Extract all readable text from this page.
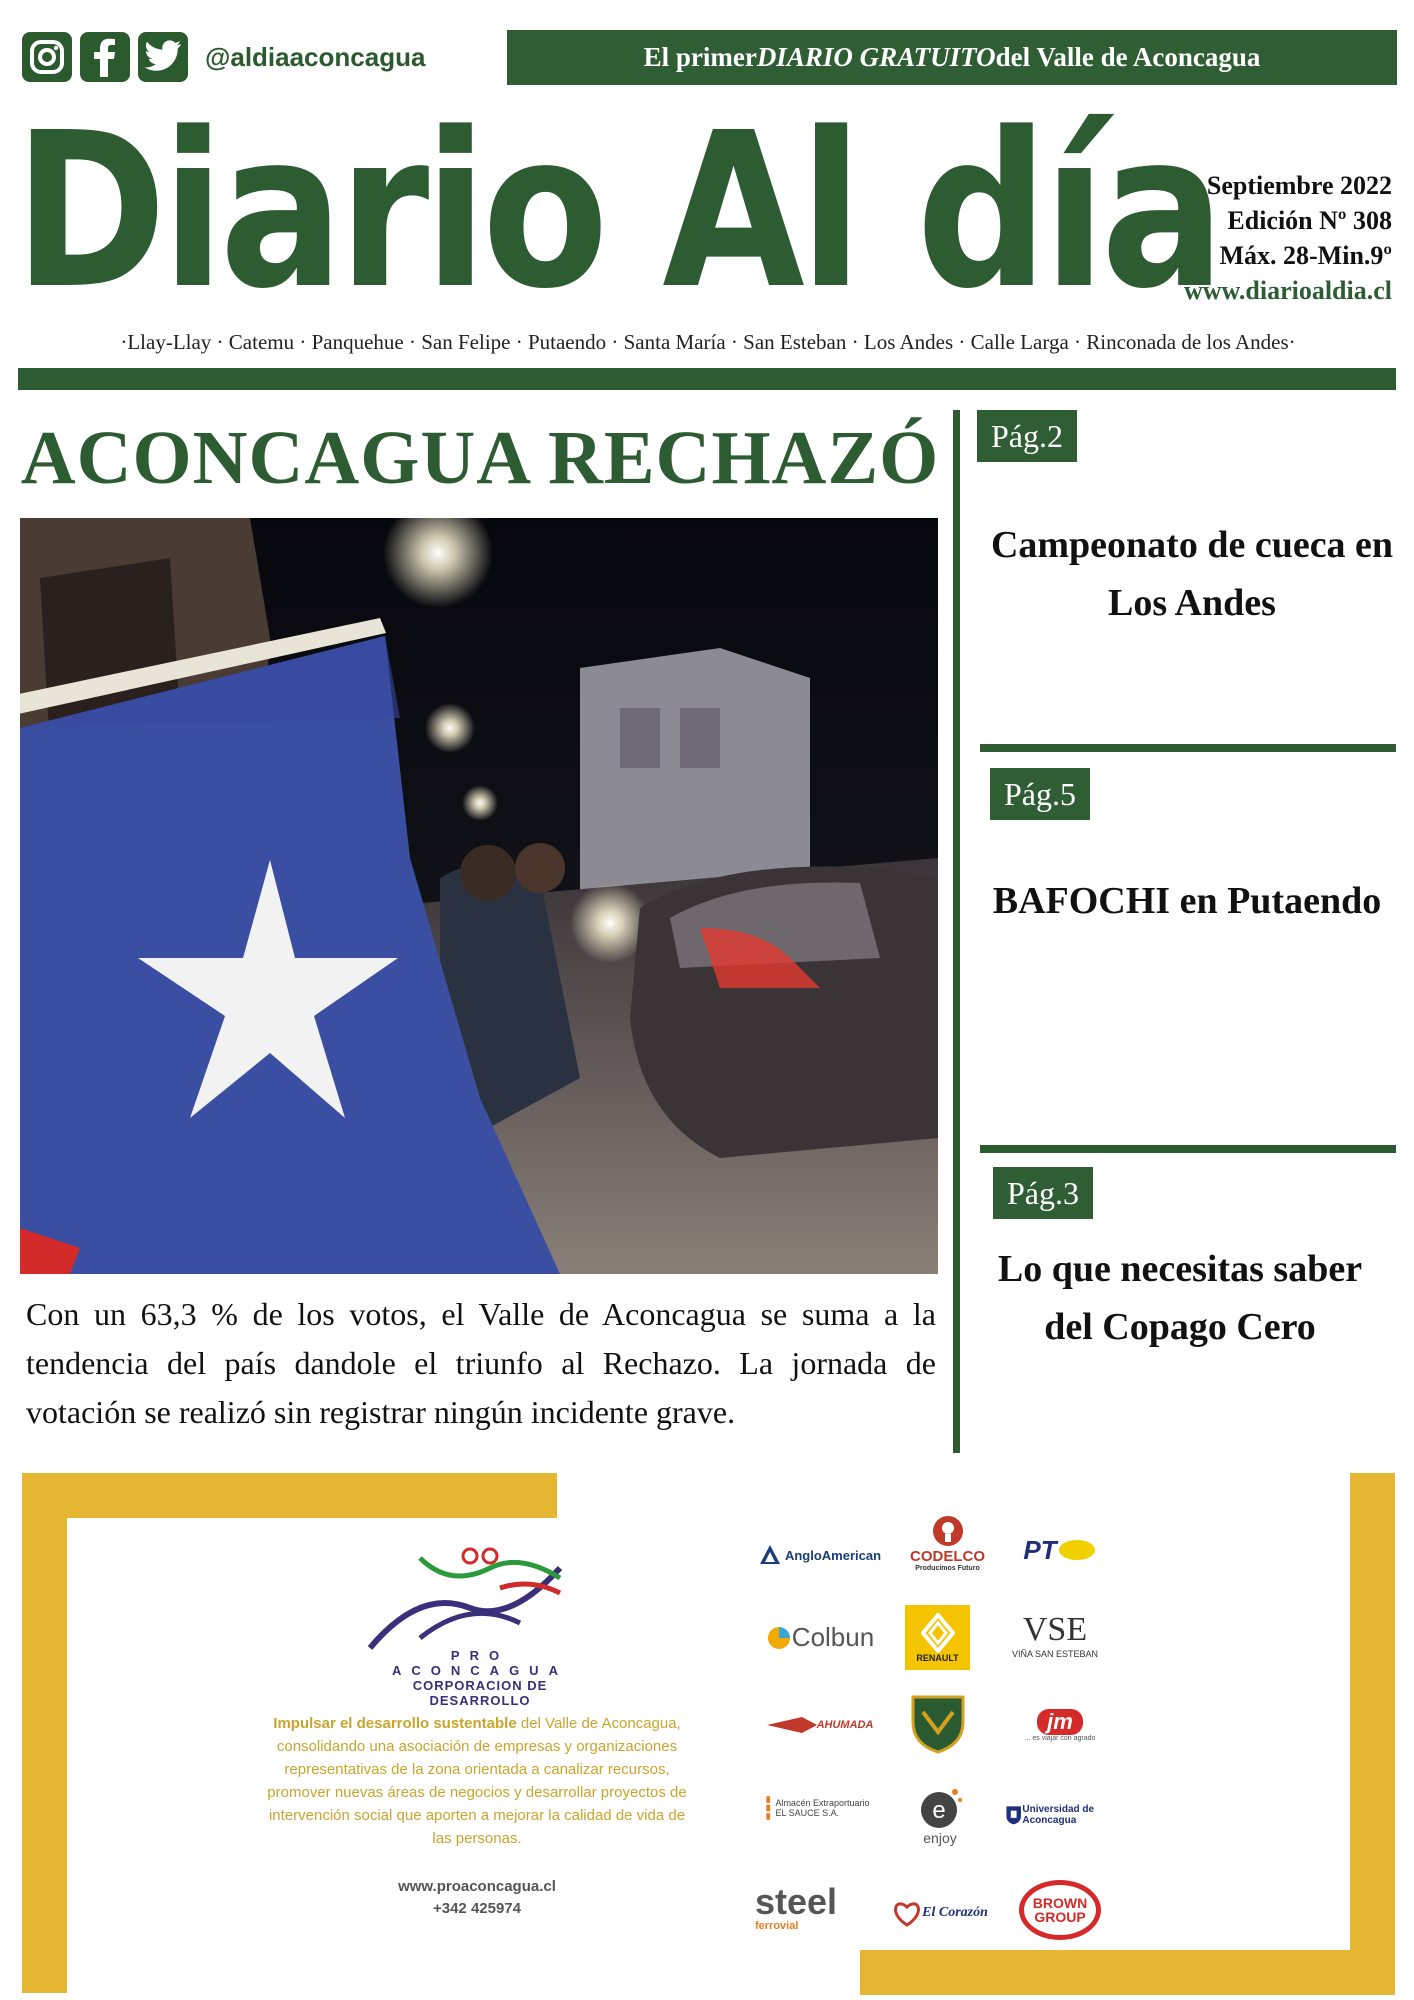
@aldiaaconcagua	El primer DIARIO GRATUITO del Valle de Aconcagua
Diario Al día
Septiembre 2022
Edición Nº 308
Máx. 28-Min.9º
www.diarioaldia.cl
·Llay-Llay · Catemu · Panquehue · San Felipe · Putaendo · Santa María · San Esteban · Los Andes · Calle Larga · Rinconada de los Andes·
ACONCAGUA RECHAZÓ
Con un 63,3 % de los votos, el Valle de Aconcagua se suma a la tendencia del país dandole el triunfo al Rechazo. La jornada de votación se realizó sin registrar ningún incidente grave.
Pág.2
Campeonato de cueca en Los Andes
Pág.5
BAFOCHI en Putaendo
Pág.3
Lo que necesitas saber del Copago Cero
PRO ACONCAGUA
CORPORACION DE DESARROLLO
Impulsar el desarrollo sustentable del Valle de Aconcagua, consolidando una asociación de empresas y organizaciones representativas de la zona orientada a canalizar recursos, promover nuevas áreas de negocios y desarrollar proyectos de intervención social que aporten a mejorar la calidad de vida de las personas.
www.proaconcagua.cl
+342 425974
AngloAmerican CODELCO
Producimos Futuro
PT
Colbun
RENAULT
VSE
VIÑA SAN ESTEBAN
AHUMADA	jm
... es viajar con agrado
Almacén Extraportuario EL SAUCE S.A.	e
enjoy
Universidad de Aconcagua
steel
ferrovial
El Corazón
BROWN GROUP
